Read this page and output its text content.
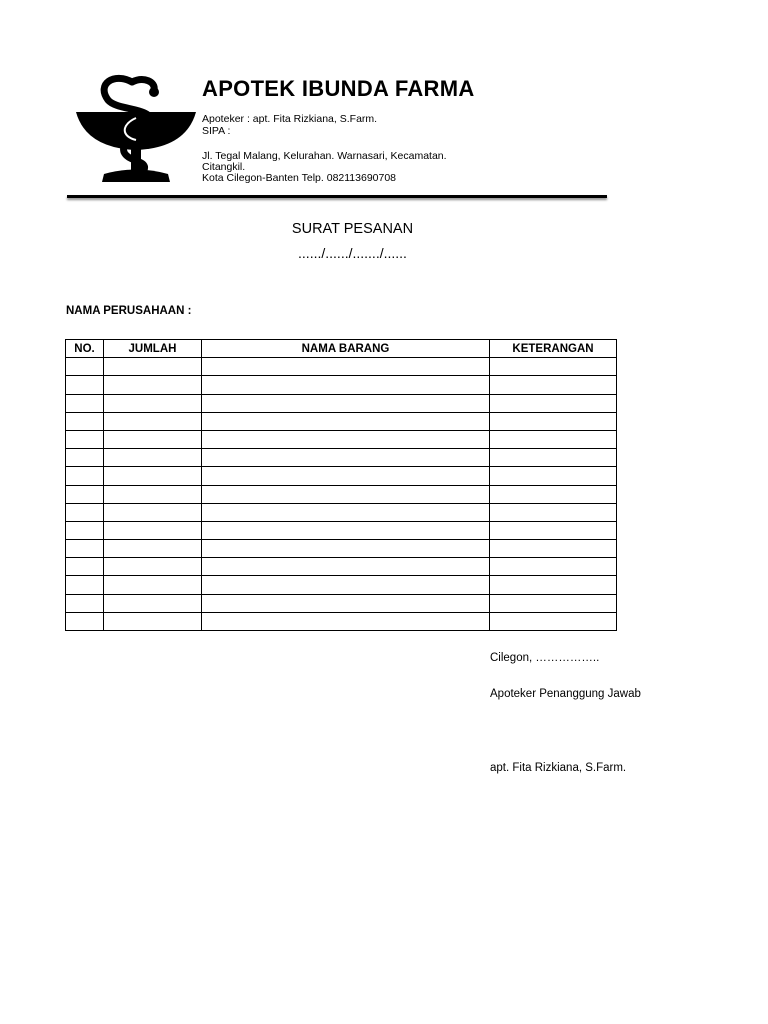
APOTEK IBUNDA FARMA
Apoteker : apt. Fita Rizkiana, S.Farm.
SIPA :
Jl. Tegal Malang, Kelurahan. Warnasari, Kecamatan.
Citangkil.
Kota Cilegon-Banten Telp. 082113690708
SURAT PESANAN
....../....../......./......
NAMA PERUSAHAAN :
NO.	JUMLAH	NAMA BARANG	KETERANGAN

Cilegon, ……………..
Apoteker Penanggung Jawab
apt. Fita Rizkiana, S.Farm.
